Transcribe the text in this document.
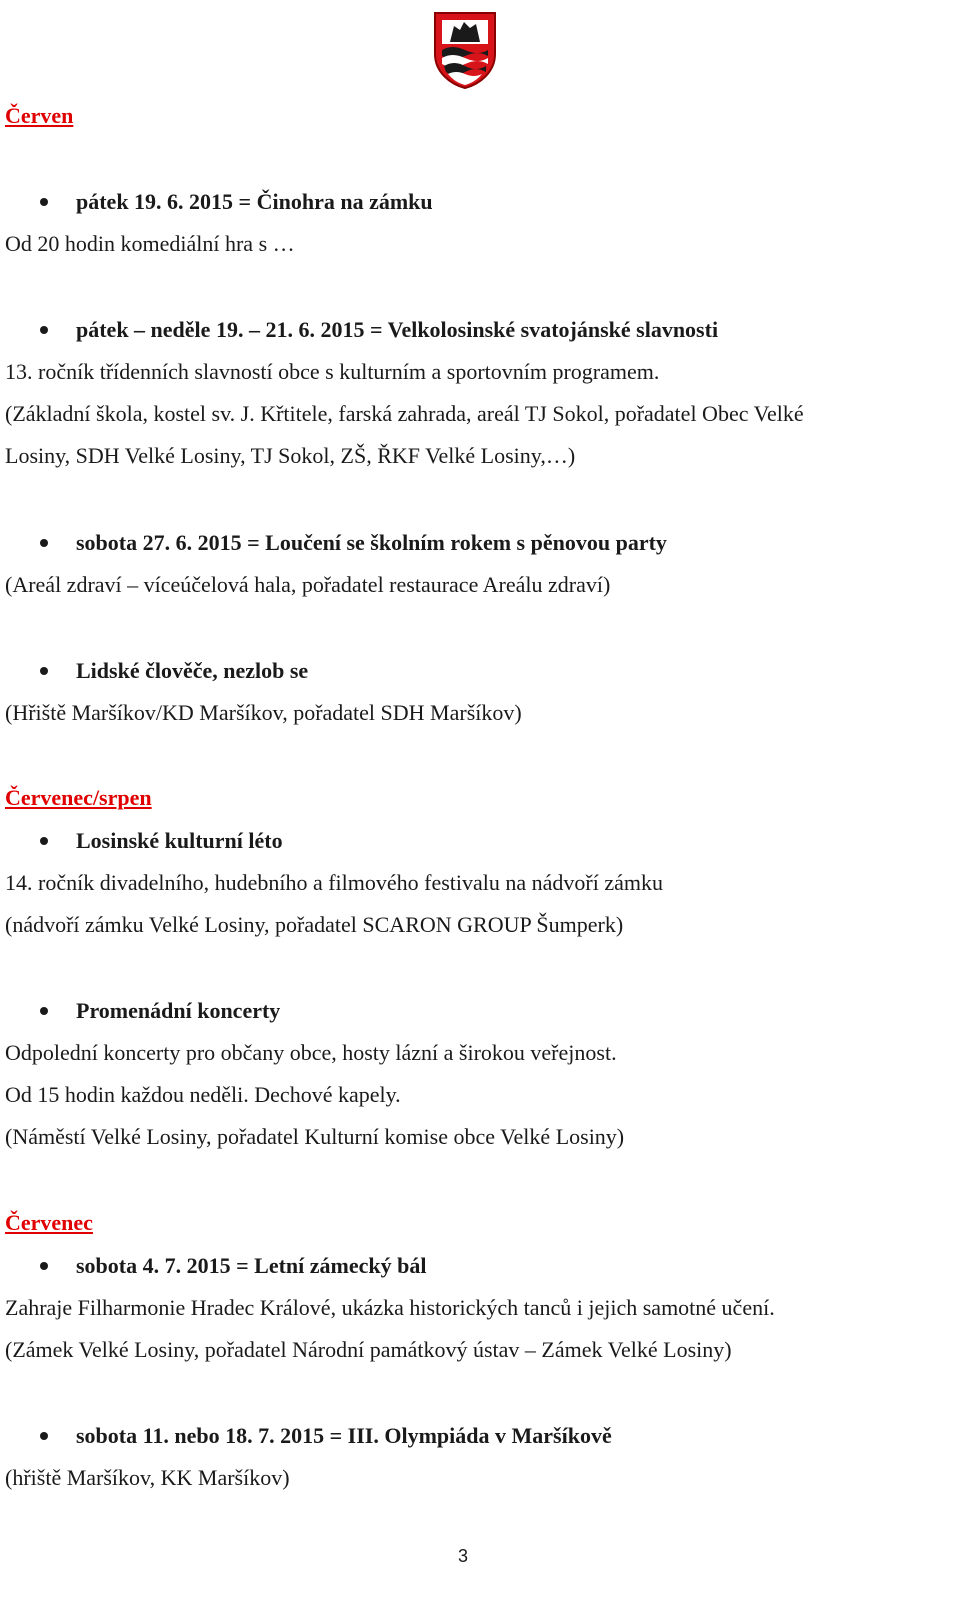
Červen
pátek 19. 6. 2015 = Činohra na zámku
Od 20 hodin komediální hra s …
pátek – neděle 19. – 21. 6. 2015 = Velkolosinské svatojánské slavnosti
13. ročník třídenních slavností obce s kulturním a sportovním programem.
(Základní škola, kostel sv. J. Křtitele, farská zahrada, areál TJ Sokol, pořadatel Obec Velké
Losiny, SDH Velké Losiny, TJ Sokol, ZŠ, ŘKF Velké Losiny,…)
sobota 27. 6. 2015 = Loučení se školním rokem s pěnovou party
(Areál zdraví – víceúčelová hala, pořadatel restaurace Areálu zdraví)
Lidské člověče, nezlob se
(Hřiště Maršíkov/KD Maršíkov, pořadatel SDH Maršíkov)
Červenec/srpen
Losinské kulturní léto
14. ročník divadelního, hudebního a filmového festivalu na nádvoří zámku
(nádvoří zámku Velké Losiny, pořadatel SCARON GROUP Šumperk)
Promenádní koncerty
Odpolední koncerty pro občany obce, hosty lázní a širokou veřejnost.
Od 15 hodin každou neděli. Dechové kapely.
(Náměstí Velké Losiny, pořadatel Kulturní komise obce Velké Losiny)
Červenec
sobota 4. 7. 2015 = Letní zámecký bál
Zahraje Filharmonie Hradec Králové, ukázka historických tanců i jejich samotné učení.
(Zámek Velké Losiny, pořadatel Národní památkový ústav – Zámek Velké Losiny)
sobota 11. nebo 18. 7. 2015 = III. Olympiáda v Maršíkově
(hřiště Maršíkov, KK Maršíkov)
3
